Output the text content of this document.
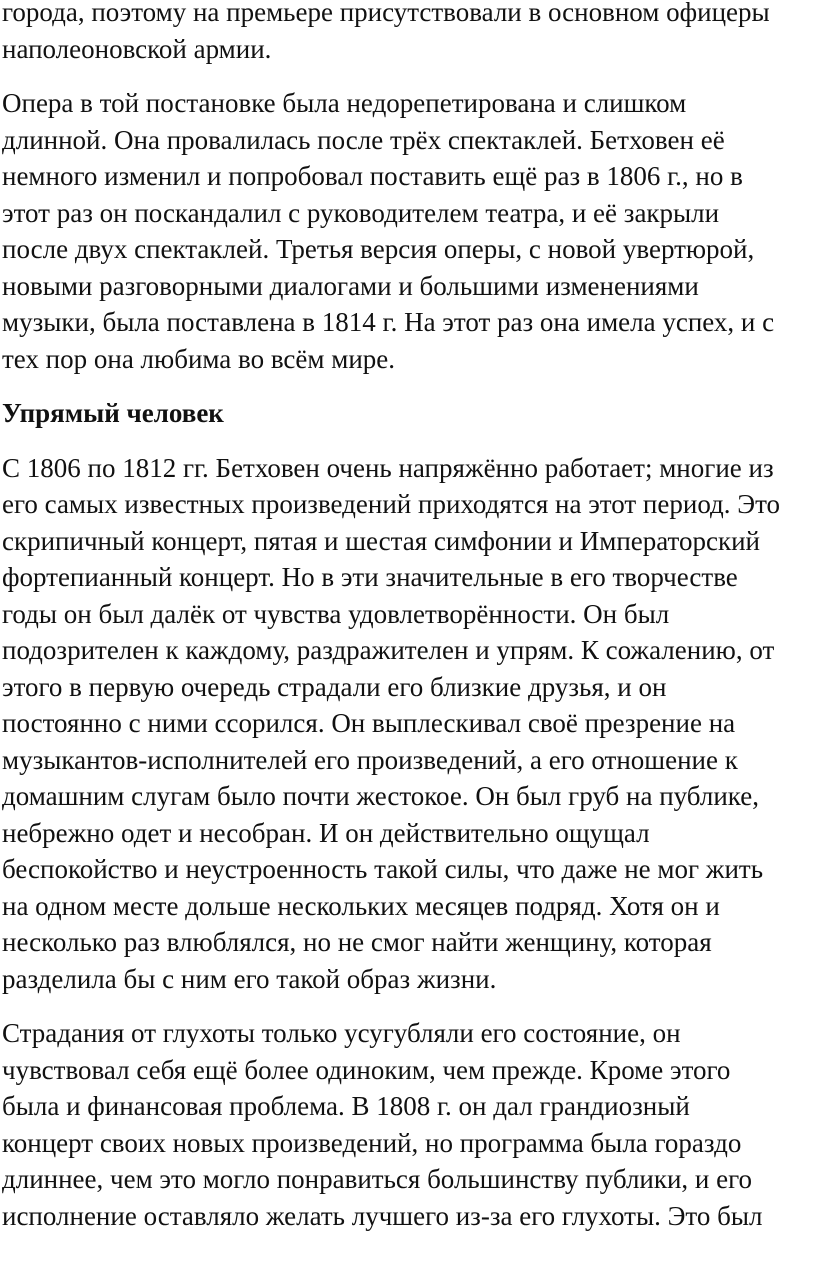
города, поэтому на премьере присутствовали в основном офицеры
наполеоновской армии.

Опера в той постановке была недорепетирована и слишком
длинной. Она провалилась после трёх спектаклей. Бетховен её
немного изменил и попробовал поставить ещё раз в 1806 г., но в
этот раз он поскандалил с руководителем театра, и её закрыли
после двух спектаклей. Третья версия оперы, с новой увертюрой,
новыми разговорными диалогами и большими изменениями
музыки, была поставлена в 1814 г. На этот раз она имела успех, и с
тех пор она любима во всём мире.

Упрямый человек

С 1806 по 1812 гг. Бетховен очень напряжённо работает; многие из
его самых известных произведений приходятся на этот период. Это
скрипичный концерт, пятая и шестая симфонии и Императорский
фортепианный концерт. Но в эти значительные в его творчестве
годы он был далёк от чувства удовлетворённости. Он был
подозрителен к каждому, раздражителен и упрям. К сожалению, от
этого в первую очередь страдали его близкие друзья, и он
постоянно с ними ссорился. Он выплескивал своё презрение на
музыкантов-исполнителей его произведений, а его отношение к
домашним слугам было почти жестокое. Он был груб на публике,
небрежно одет и несобран. И он действительно ощущал
беспокойство и неустроенность такой силы, что даже не мог жить
на одном месте дольше нескольких месяцев подряд. Хотя он и
несколько раз влюблялся, но не смог найти женщину, которая
разделила бы с ним его такой образ жизни.

Страдания от глухоты только усугубляли его состояние, он
чувствовал себя ещё более одиноким, чем прежде. Кроме этого
была и финансовая проблема. В 1808 г. он дал грандиозный
концерт своих новых произведений, но программа была гораздо
длиннее, чем это могло понравиться большинству публики, и его
исполнение оставляло желать лучшего из-за его глухоты. Это был
